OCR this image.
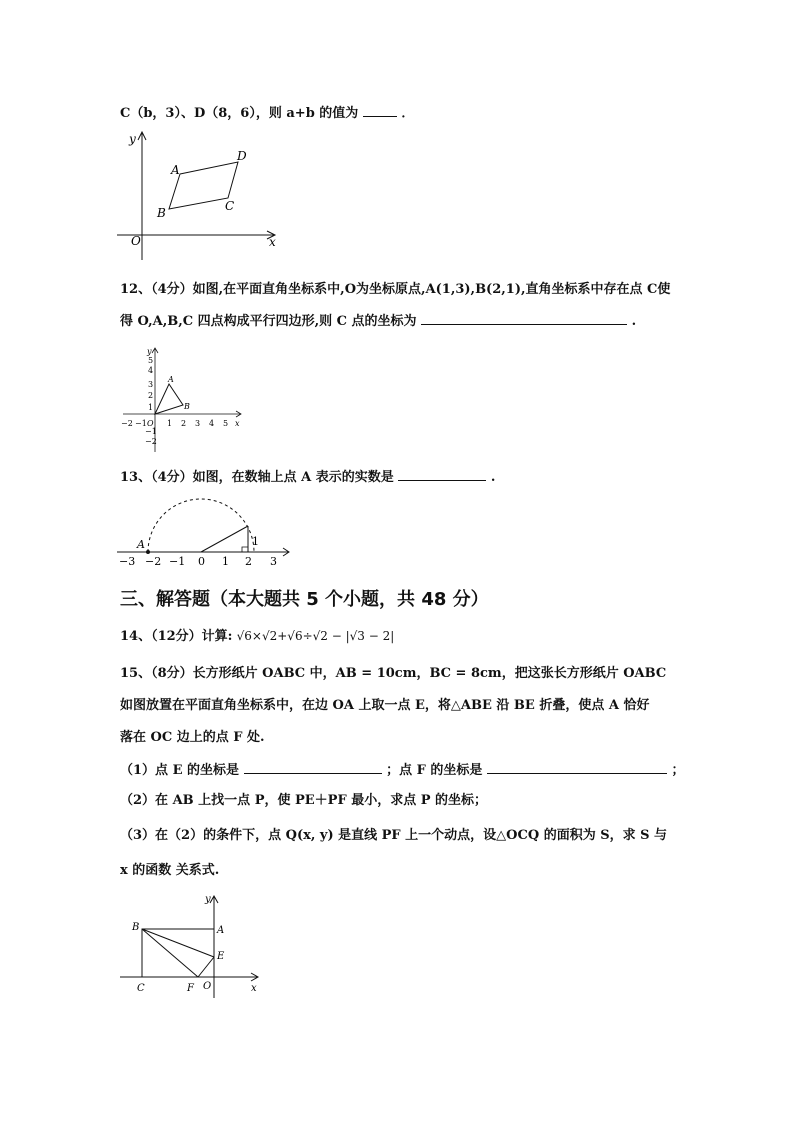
C（b，3）、D（8，6），则 a+b 的值为	．
y
x
O
A
D
C
B
12、（4分）如图,在平面直角坐标系中,O为坐标原点,A(1,3),B(2,1),直角坐标系中存在点 C使
得 O,A,B,C 四点构成平行四边形,则 C 点的坐标为	.
y
x
O
A
B
5
4
3
2
1
−1
−2
−2 −1	1 2 3 4 5
13、（4分）如图，在数轴上点 A 表示的实数是	.
A	1
−3 −2 −1 0 1 2 3
三、解答题（本大题共 5 个小题，共 48 分）
14、（12分）计算: √6×√2+√6÷√2 − |√3 − 2|
15、（8分）长方形纸片 OABC 中，AB = 10cm，BC = 8cm，把这张长方形纸片 OABC
如图放置在平面直角坐标系中，在边 OA 上取一点 E，将△ABE 沿 BE 折叠，使点 A 恰好
落在 OC 边上的点 F 处.
（1）点 E 的坐标是	；点 F 的坐标是	；
（2）在 AB 上找一点 P，使 PE＋PF 最小，求点 P 的坐标；
（3）在（2）的条件下，点 Q(x, y) 是直线 PF 上一个动点，设△OCQ 的面积为 S，求 S 与
x 的函数 关系式.
y
x
B	A
E
C	F O
